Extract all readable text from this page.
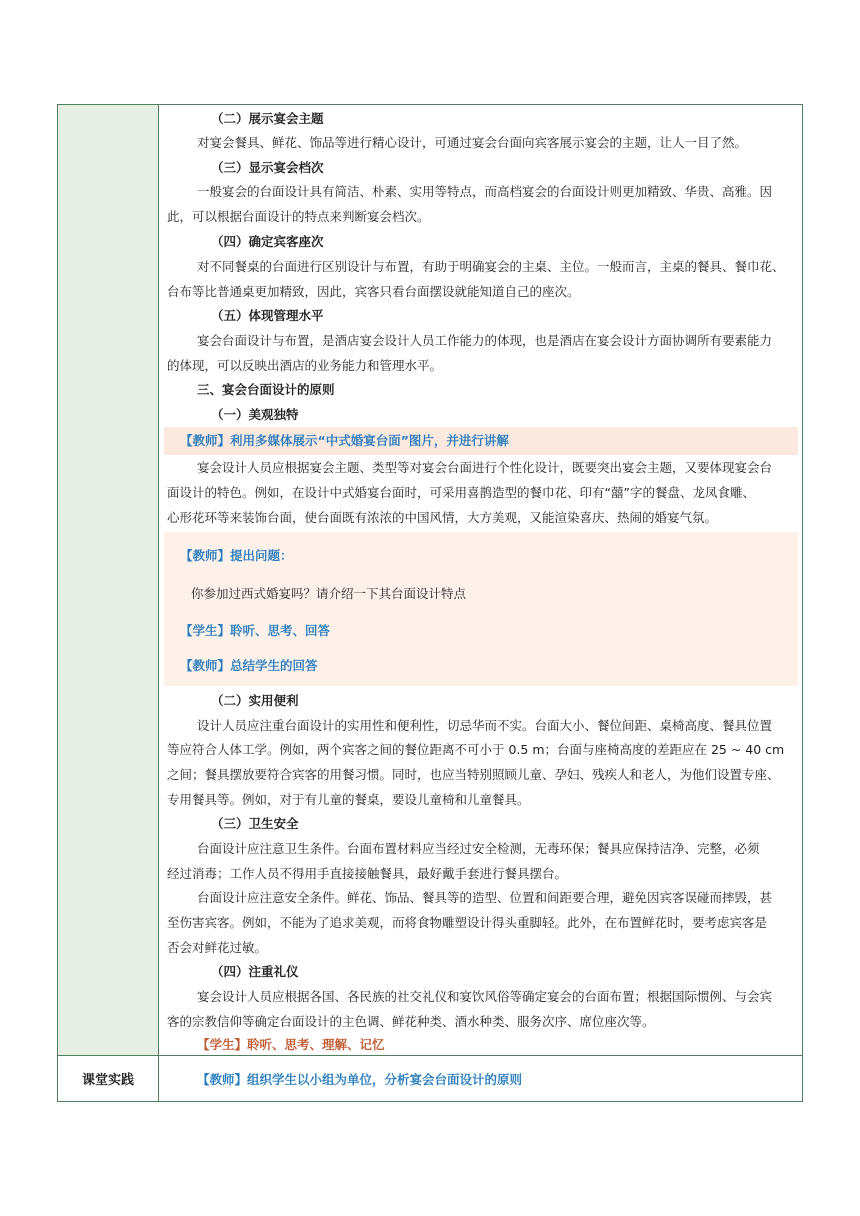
（二）展示宴会主题
对宴会餐具、鲜花、饰品等进行精心设计，可通过宴会台面向宾客展示宴会的主题，让人一目了然。
（三）显示宴会档次
一般宴会的台面设计具有简洁、朴素、实用等特点，而高档宴会的台面设计则更加精致、华贵、高雅。因
此，可以根据台面设计的特点来判断宴会档次。
（四）确定宾客座次
对不同餐桌的台面进行区别设计与布置，有助于明确宴会的主桌、主位。一般而言，主桌的餐具、餐巾花、
台布等比普通桌更加精致，因此，宾客只看台面摆设就能知道自己的座次。
（五）体现管理水平
宴会台面设计与布置，是酒店宴会设计人员工作能力的体现，也是酒店在宴会设计方面协调所有要素能力
的体现，可以反映出酒店的业务能力和管理水平。
三、宴会台面设计的原则
（一）美观独特
【教师】利用多媒体展示“中式婚宴台面”图片，并进行讲解
宴会设计人员应根据宴会主题、类型等对宴会台面进行个性化设计，既要突出宴会主题，又要体现宴会台
面设计的特色。例如，在设计中式婚宴台面时，可采用喜鹊造型的餐巾花、印有“囍”字的餐盘、龙凤食雕、
心形花环等来装饰台面，使台面既有浓浓的中国风情，大方美观，又能渲染喜庆、热闹的婚宴气氛。
【教师】提出问题：
你参加过西式婚宴吗？请介绍一下其台面设计特点
【学生】聆听、思考、回答
【教师】总结学生的回答
（二）实用便利
设计人员应注重台面设计的实用性和便利性，切忌华而不实。台面大小、餐位间距、桌椅高度、餐具位置
等应符合人体工学。例如，两个宾客之间的餐位距离不可小于 0.5 m；台面与座椅高度的差距应在 25 ~ 40 cm
之间；餐具摆放要符合宾客的用餐习惯。同时，也应当特别照顾儿童、孕妇、残疾人和老人，为他们设置专座、
专用餐具等。例如，对于有儿童的餐桌，要设儿童椅和儿童餐具。
（三）卫生安全
台面设计应注意卫生条件。台面布置材料应当经过安全检测，无毒环保；餐具应保持洁净、完整，必须
经过消毒；工作人员不得用手直接接触餐具，最好戴手套进行餐具摆台。
台面设计应注意安全条件。鲜花、饰品、餐具等的造型、位置和间距要合理，避免因宾客误碰而摔毁，甚
至伤害宾客。例如，不能为了追求美观，而将食物雕塑设计得头重脚轻。此外，在布置鲜花时，要考虑宾客是
否会对鲜花过敏。
（四）注重礼仪
宴会设计人员应根据各国、各民族的社交礼仪和宴饮风俗等确定宴会的台面布置；根据国际惯例、与会宾
客的宗教信仰等确定台面设计的主色调、鲜花种类、酒水种类、服务次序、席位座次等。
【学生】聆听、思考、理解、记忆
课堂实践	【教师】组织学生以小组为单位，分析宴会台面设计的原则
